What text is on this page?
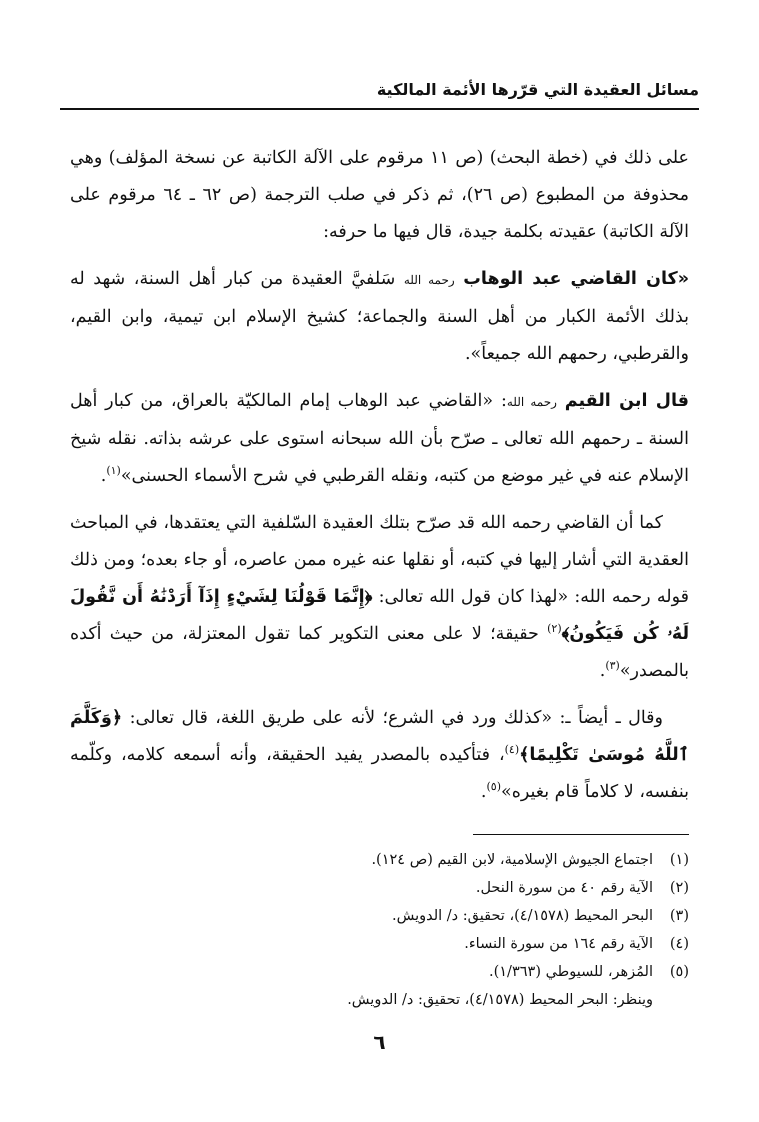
مسائل العقيدة التي قرّرها الأئمة المالكية

على ذلك في (خطة البحث) (ص ١١ مرقوم على الآلة الكاتبة عن نسخة المؤلف) وهي محذوفة من المطبوع (ص ٢٦)، ثم ذكر في صلب الترجمة (ص ٦٢ ـ ٦٤ مرقوم على الآلة الكاتبة) عقيدته بكلمة جيدة، قال فيها ما حرفه:

«كان القاضي عبد الوهاب رحمه الله سَلفيَّ العقيدة من كبار أهل السنة، شهد له بذلك الأئمة الكبار من أهل السنة والجماعة؛ كشيخ الإسلام ابن تيمية، وابن القيم، والقرطبي، رحمهم الله جميعاً».

قال ابن القيم رحمه الله: «القاضي عبد الوهاب إمام المالكيّة بالعراق، من كبار أهل السنة ـ رحمهم الله تعالى ـ صرّح بأن الله سبحانه استوى على عرشه بذاته. نقله شيخ الإسلام عنه في غير موضع من كتبه، ونقله القرطبي في شرح الأسماء الحسنى»$^{(١)}$.

كما أن القاضي رحمه الله قد صرّح بتلك العقيدة السّلفية التي يعتقدها، في المباحث العقدية التي أشار إليها في كتبه، أو نقلها عنه غيره ممن عاصره، أو جاء بعده؛ ومن ذلك قوله رحمه الله: «لهذا كان قول الله تعالى: ﴿إِنَّمَا قَوْلُنَا لِشَيْءٍ إِذَآ أَرَدْنَٰهُ أَن نَّقُولَ لَهُۥ كُن فَيَكُونُ﴾$^{(٢)}$ حقيقة؛ لا على معنى التكوير كما تقول المعتزلة، من حيث أكده بالمصدر»$^{(٣)}$.

وقال ـ أيضاً ـ: «كذلك ورد في الشرع؛ لأنه على طريق اللغة، قال تعالى: ﴿وَكَلَّمَ ٱللَّهُ مُوسَىٰ تَكْلِيمًا﴾$^{(٤)}$، فتأكيده بالمصدر يفيد الحقيقة، وأنه أسمعه كلامه، وكلّمه بنفسه، لا كلاماً قام بغيره»$^{(٥)}$.

(١)
اجتماع الجيوش الإسلامية، لابن القيم (ص ١٢٤).
(٢)
الآية رقم ٤٠ من سورة النحل.
(٣)
البحر المحيط (٤/١٥٧٨)، تحقيق: د/ الدويش.
(٤)
الآية رقم ١٦٤ من سورة النساء.
(٥)
المُزهر، للسيوطي (١/٣٦٣).
وينظر: البحر المحيط (٤/١٥٧٨)، تحقيق: د/ الدويش.
٦
